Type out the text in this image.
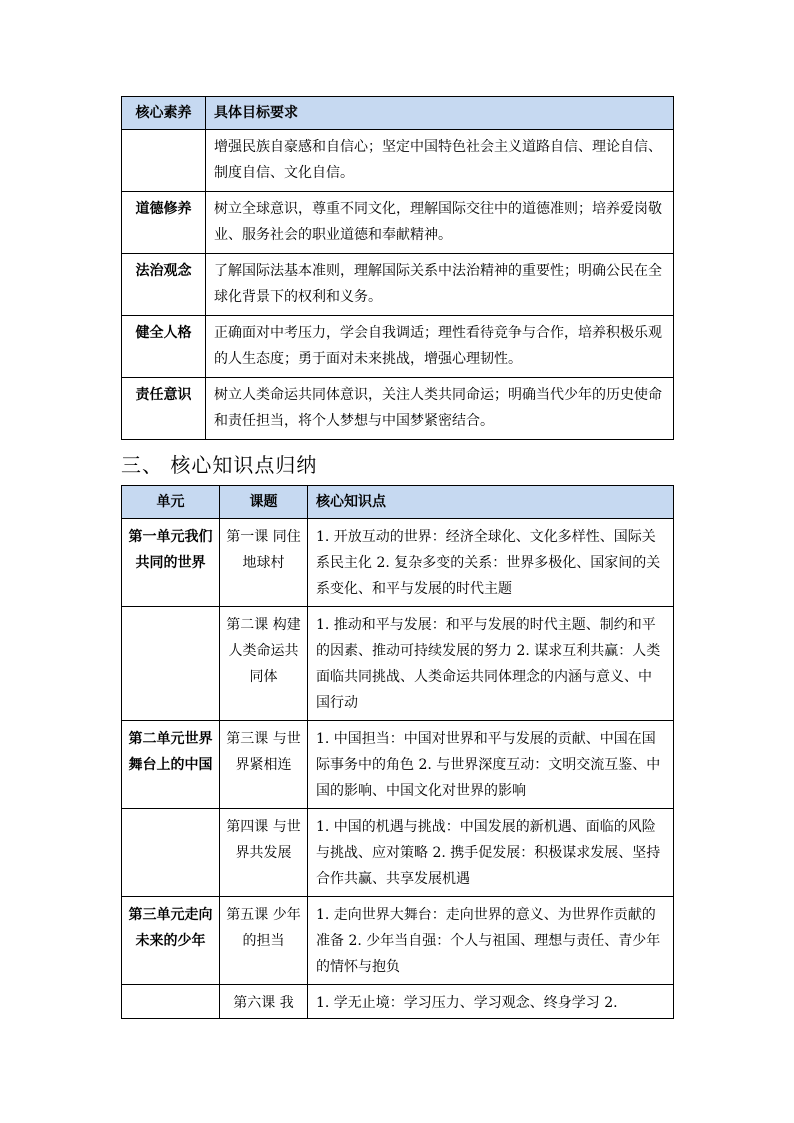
核心素养	具体目标要求
	增强民族自豪感和自信心；坚定中国特色社会主义道路自信、理论自信、制度自信、文化自信。
道德修养	树立全球意识，尊重不同文化，理解国际交往中的道德准则；培养爱岗敬业、服务社会的职业道德和奉献精神。
法治观念	了解国际法基本准则，理解国际关系中法治精神的重要性；明确公民在全球化背景下的权利和义务。
健全人格	正确面对中考压力，学会自我调适；理性看待竞争与合作，培养积极乐观的人生态度；勇于面对未来挑战，增强心理韧性。
责任意识	树立人类命运共同体意识，关注人类共同命运；明确当代少年的历史使命和责任担当，将个人梦想与中国梦紧密结合。
三、 核心知识点归纳
单元	课题	核心知识点
第一单元我们共同的世界	第一课 同住地球村	1. 开放互动的世界：经济全球化、文化多样性、国际关系民主化 2. 复杂多变的关系：世界多极化、国家间的关系变化、和平与发展的时代主题
	第二课 构建人类命运共同体	1. 推动和平与发展：和平与发展的时代主题、制约和平的因素、推动可持续发展的努力 2. 谋求互利共赢：人类面临共同挑战、人类命运共同体理念的内涵与意义、中国行动
第二单元世界舞台上的中国	第三课 与世界紧相连	1. 中国担当：中国对世界和平与发展的贡献、中国在国际事务中的角色 2. 与世界深度互动：文明交流互鉴、中国的影响、中国文化对世界的影响
	第四课 与世界共发展	1. 中国的机遇与挑战：中国发展的新机遇、面临的风险与挑战、应对策略 2. 携手促发展：积极谋求发展、坚持合作共赢、共享发展机遇
第三单元走向未来的少年	第五课 少年的担当	1. 走向世界大舞台：走向世界的意义、为世界作贡献的准备 2. 少年当自强：个人与祖国、理想与责任、青少年的情怀与抱负
	第六课 我	1. 学无止境：学习压力、学习观念、终身学习 2.
